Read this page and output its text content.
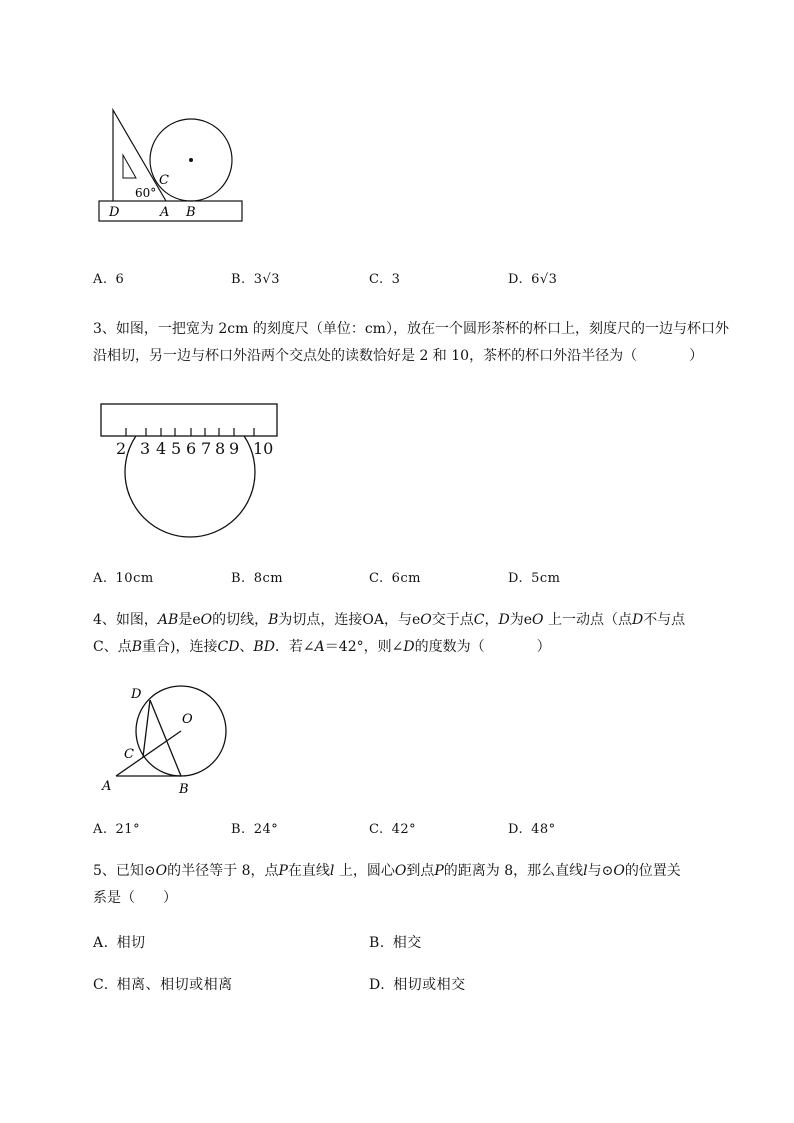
60°
C
D	A B
A. 6	B. 3√3	C. 3	D. 6√3
3、如图，一把宽为 2cm 的刻度尺（单位：cm），放在一个圆形茶杯的杯口上，刻度尺的一边与杯口外
沿相切，另一边与杯口外沿两个交点处的读数恰好是 2 和 10，茶杯的杯口外沿半径为（	）
2 3 4 5 6 7 8 9 10
A. 10cm	B. 8cm	C. 6cm	D. 5cm
4、如图，AB是eO的切线，B为切点，连接OA，与eO交于点C，D为eO 上一动点（点D不与点
C、点B重合)，连接CD、BD．若∠A＝42°，则∠D的度数为（	）
D
O
C
A	B
A. 21°	B. 24°	C. 42°	D. 48°
5、已知⊙O的半径等于 8，点P在直线l 上，圆心O到点P的距离为 8，那么直线l与⊙O的位置关
系是（　　）
A. 相切	B. 相交
C. 相离、相切或相离	D. 相切或相交
